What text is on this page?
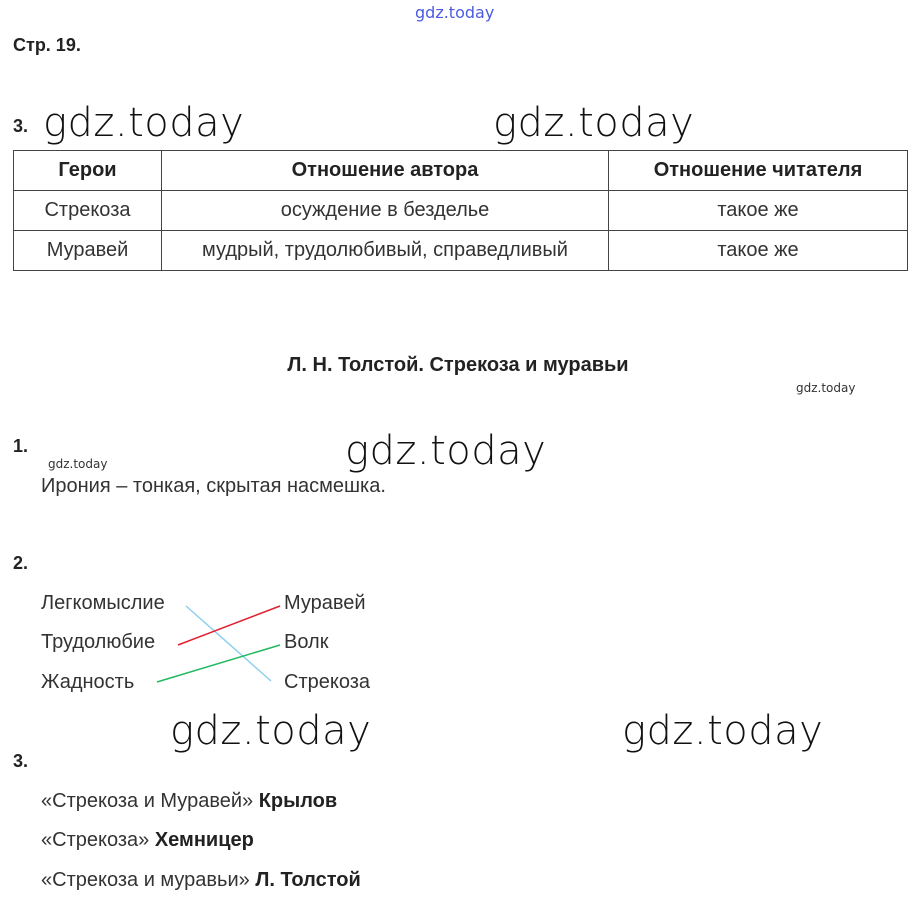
gdz.today
gdz.today	gdz.today
gdz.today
gdz.today
gdz.today
gdz.today	gdz.today
Стр. 19.
3.
Герои	Отношение автора	Отношение читателя
Стрекоза	осуждение в безделье	такое же
Муравей	мудрый, трудолюбивый, справедливый	такое же
Л. Н. Толстой. Стрекоза и муравьи
1.
Ирония – тонкая, скрытая насмешка.
2.
Легкомыслие
Трудолюбие
Жадность
Муравей
Волк
Стрекоза
3.
«Стрекоза и Муравей» Крылов
«Стрекоза» Хемницер
«Стрекоза и муравьи» Л. Толстой
